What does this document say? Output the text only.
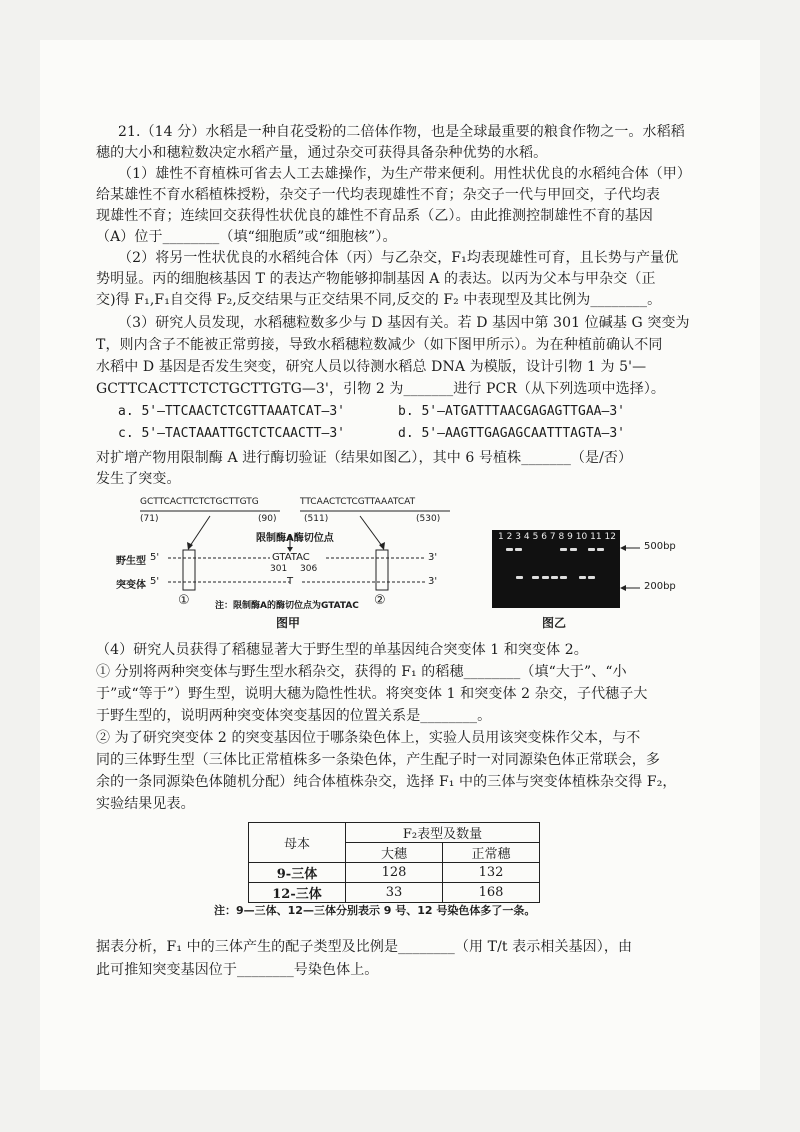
21.（14 分）水稻是一种自花受粉的二倍体作物，也是全球最重要的粮食作物之一。水稻稻
穗的大小和穗粒数决定水稻产量，通过杂交可获得具备杂种优势的水稻。
（1）雄性不育植株可省去人工去雄操作，为生产带来便利。用性状优良的水稻纯合体（甲）
给某雄性不育水稻植株授粉，杂交子一代均表现雄性不育；杂交子一代与甲回交，子代均表
现雄性不育；连续回交获得性状优良的雄性不育品系（乙）。由此推测控制雄性不育的基因
（A）位于________（填“细胞质”或“细胞核”）。
（2）将另一性状优良的水稻纯合体（丙）与乙杂交，F₁均表现雄性可育，且长势与产量优
势明显。丙的细胞核基因 T 的表达产物能够抑制基因 A 的表达。以丙为父本与甲杂交（正
交)得 F₁,F₁自交得 F₂,反交结果与正交结果不同,反交的 F₂ 中表现型及其比例为________。
（3）研究人员发现，水稻穗粒数多少与 D 基因有关。若 D 基因中第 301 位碱基 G 突变为
T，则内含子不能被正常剪接，导致水稻穗粒数减少（如下图甲所示）。为在种植前确认不同
水稻中 D 基因是否发生突变，研究人员以待测水稻总 DNA 为模版，设计引物 1 为 5'—
GCTTCACTTCTCTGCTTGTG—3'，引物 2 为_______进行 PCR（从下列选项中选择）。
a. 5'—TTCAACTCTCGTTAAATCAT—3'	b. 5'—ATGATTTAACGAGAGTTGAA—3'
c. 5'—TACTAAATTGCTCTCAACTT—3'	d. 5'—AAGTTGAGAGCAATTTAGTA—3'
对扩增产物用限制酶 A 进行酶切验证（结果如图乙），其中 6 号植株_______（是/否）
发生了突变。
GCTTCACTTCTCTGCTTGTG
(71)	(90)
TTCAACTCTCGTTAAATCAT
(511)	(530)
限制酶A酶切位点
野生型 5'	GTATAC	3'
301 306
突变体 5'	T	3'
①	②
注：限制酶A的酶切位点为GTATAC
图甲
1 2 3 4 5 6 7 8 9 10 11 12
500bp
200bp
图乙
（4）研究人员获得了稻穗显著大于野生型的单基因纯合突变体 1 和突变体 2。
① 分别将两种突变体与野生型水稻杂交，获得的 F₁ 的稻穗________（填“大于”、“小
于”或“等于”）野生型，说明大穗为隐性性状。将突变体 1 和突变体 2 杂交，子代穗子大
于野生型的，说明两种突变体突变基因的位置关系是________。
② 为了研究突变体 2 的突变基因位于哪条染色体上，实验人员用该突变株作父本，与不
同的三体野生型（三体比正常植株多一条染色体，产生配子时一对同源染色体正常联会，多
余的一条同源染色体随机分配）纯合体植株杂交，选择 F₁ 中的三体与突变体植株杂交得 F₂，
实验结果见表。
母本	F₂表型及数量	
	大穗	正常穗
9-三体	128	132
12-三体	33	168
注：9—三体、12—三体分别表示 9 号、12 号染色体多了一条。
据表分析，F₁ 中的三体产生的配子类型及比例是________（用 T/t 表示相关基因），由
此可推知突变基因位于________号染色体上。
